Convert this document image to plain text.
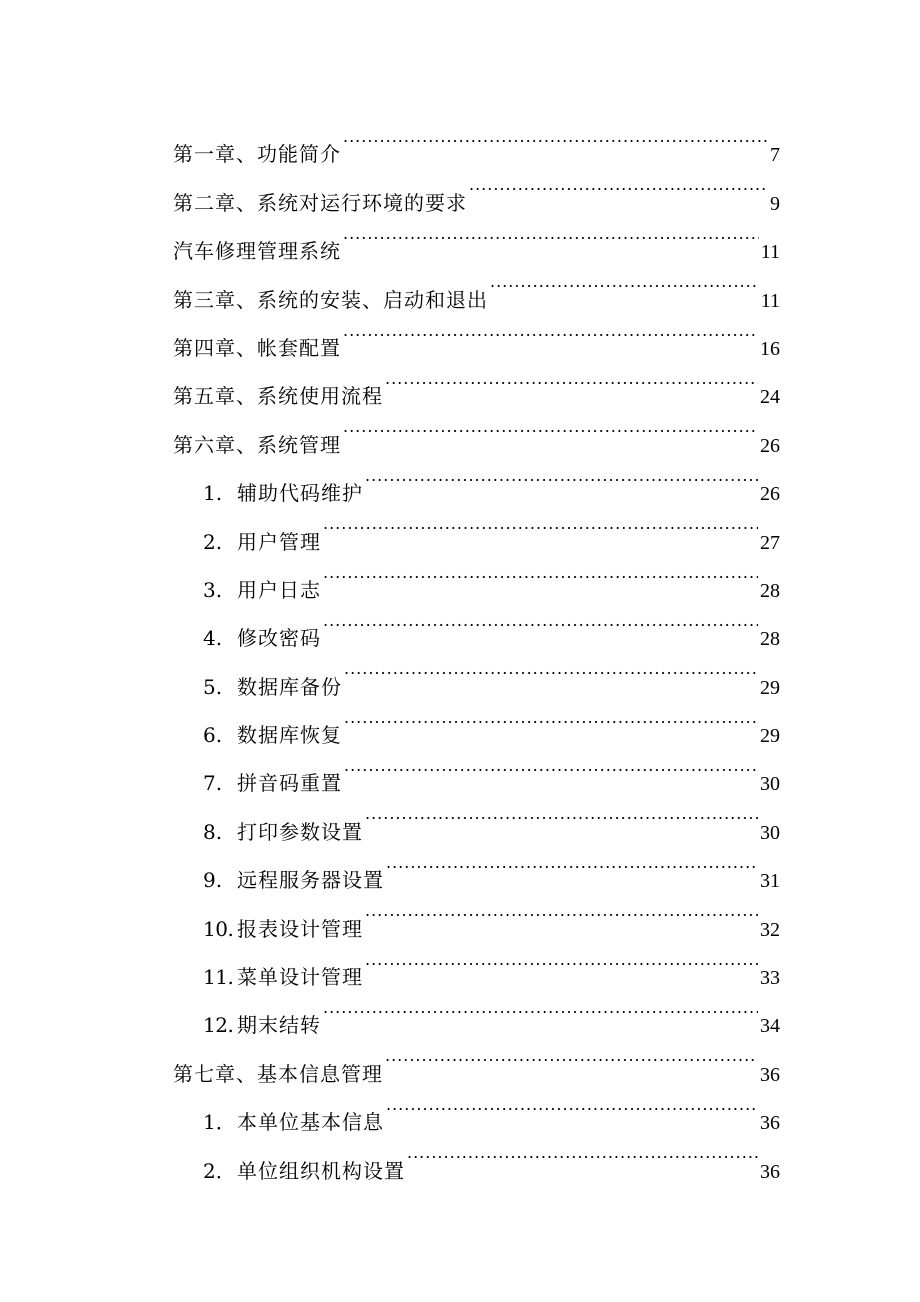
第一章、功能简介 .....	7
第二章、系统对运行环境的要求 .....	9
汽车修理管理系统 .....	11
第三章、系统的安装、启动和退出 .....	11
第四章、帐套配置 .....	16
第五章、系统使用流程 .....	24
第六章、系统管理 .....	26
1. 辅助代码维护 .....	26
2. 用户管理 .....	27
3. 用户日志 .....	28
4. 修改密码 .....	28
5. 数据库备份 .....	29
6. 数据库恢复 .....	29
7. 拼音码重置 .....	30
8. 打印参数设置 .....	30
9. 远程服务器设置 .....	31
10. 报表设计管理 .....	32
11. 菜单设计管理 .....	33
12. 期末结转 .....	34
第七章、基本信息管理 .....	36
1． 本单位基本信息 .....	36
2． 单位组织机构设置 .....	36
